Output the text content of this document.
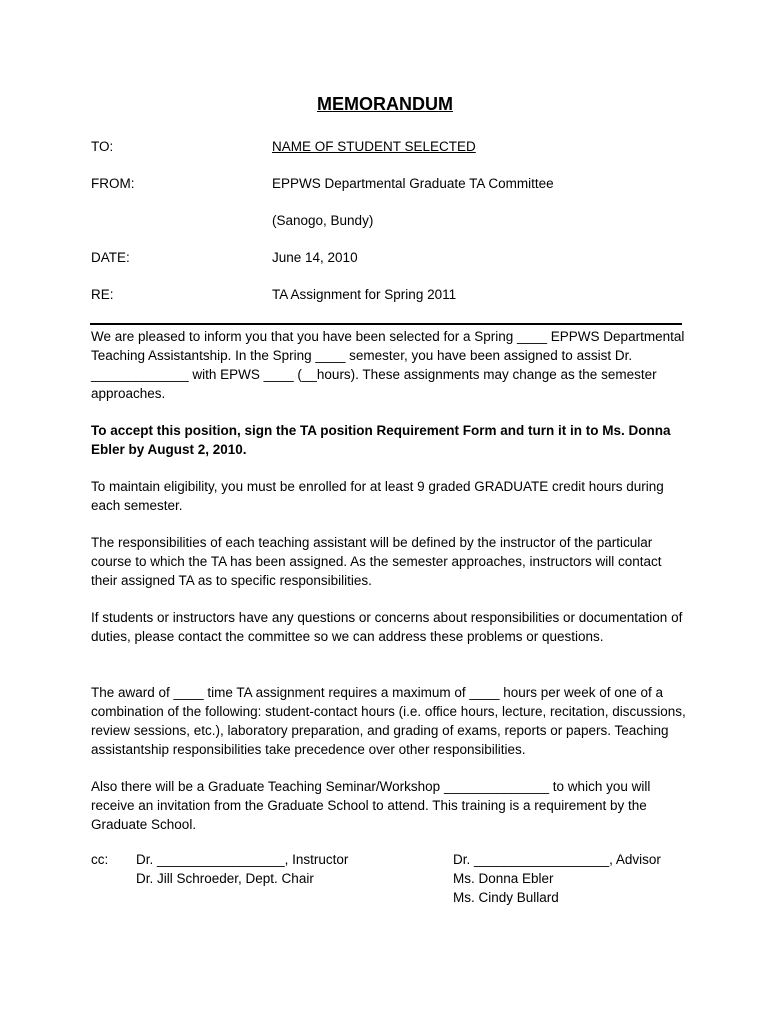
MEMORANDUM
TO:	NAME OF STUDENT SELECTED
FROM:	EPPWS Departmental Graduate TA Committee
(Sanogo, Bundy)
DATE:	June 14, 2010
RE:	TA Assignment for Spring 2011

We are pleased to inform you that you have been selected for a Spring ____ EPPWS Departmental Teaching Assistantship. In the Spring ____ semester, you have been assigned to assist Dr. _____________ with EPWS ____ (__hours). These assignments may change as the semester approaches.

To accept this position, sign the TA position Requirement Form and turn it in to Ms. Donna Ebler by August 2, 2010.

To maintain eligibility, you must be enrolled for at least 9 graded GRADUATE credit hours during each semester.

The responsibilities of each teaching assistant will be defined by the instructor of the particular course to which the TA has been assigned. As the semester approaches, instructors will contact their assigned TA as to specific responsibilities.

If students or instructors have any questions or concerns about responsibilities or documentation of duties, please contact the committee so we can address these problems or questions.

The award of ____ time TA assignment requires a maximum of ____ hours per week of one of a combination of the following: student-contact hours (i.e. office hours, lecture, recitation, discussions, review sessions, etc.), laboratory preparation, and grading of exams, reports or papers. Teaching assistantship responsibilities take precedence over other responsibilities.

Also there will be a Graduate Teaching Seminar/Workshop ______________ to which you will receive an invitation from the Graduate School to attend. This training is a requirement by the Graduate School.

cc: Dr. _________________, Instructor
Dr. Jill Schroeder, Dept. Chair
Dr. __________________, Advisor
Ms. Donna Ebler
Ms. Cindy Bullard
